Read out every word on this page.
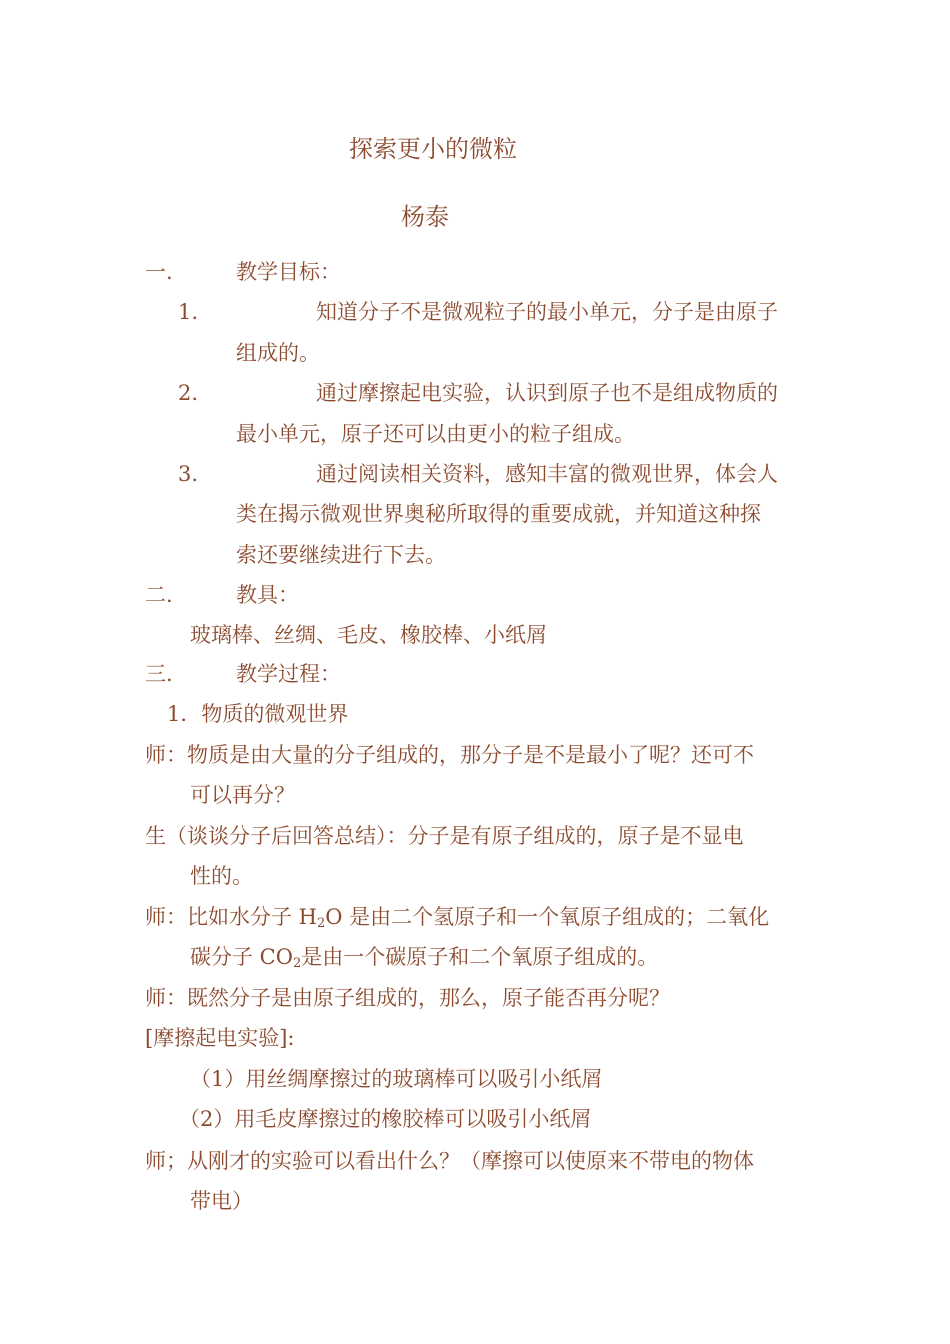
探索更小的微粒
杨泰
一.	教学目标：
1.	知道分子不是微观粒子的最小单元，分子是由原子
组成的。
2.	通过摩擦起电实验，认识到原子也不是组成物质的
最小单元，原子还可以由更小的粒子组成。
3.	通过阅读相关资料，感知丰富的微观世界，体会人
类在揭示微观世界奥秘所取得的重要成就，并知道这种探
索还要继续进行下去。
二.	教具：
玻璃棒、丝绸、毛皮、橡胶棒、小纸屑
三.	教学过程：
1．物质的微观世界
师：物质是由大量的分子组成的，那分子是不是最小了呢？还可不
可以再分？
生（谈谈分子后回答总结）：分子是有原子组成的，原子是不显电
性的。
师：比如水分子 $H_2O$ 是由二个氢原子和一个氧原子组成的；二氧化
碳分子 $CO_2$是由一个碳原子和二个氧原子组成的。
师：既然分子是由原子组成的，那么，原子能否再分呢？
[摩擦起电实验]:
（1）用丝绸摩擦过的玻璃棒可以吸引小纸屑
（2）用毛皮摩擦过的橡胶棒可以吸引小纸屑
师；从刚才的实验可以看出什么？（摩擦可以使原来不带电的物体
带电）
